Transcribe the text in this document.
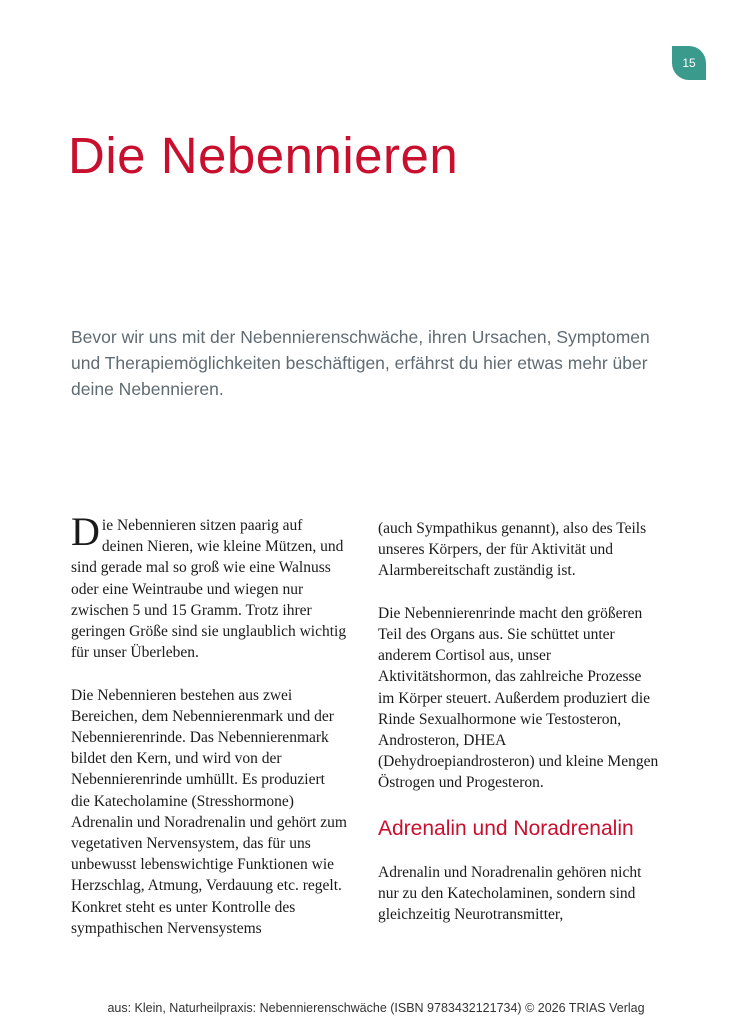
15
Die Nebennieren

Bevor wir uns mit der Nebennierenschwäche, ihren Ursachen, Symptomen und Therapiemöglichkeiten beschäftigen, erfährst du hier etwas mehr über deine Nebennieren.

Die Nebennieren sitzen paarig auf deinen Nieren, wie kleine Mützen, und sind gerade mal so groß wie eine Walnuss oder eine Weintraube und wiegen nur zwischen 5 und 15 Gramm. Trotz ihrer geringen Größe sind sie unglaublich wichtig für unser Überleben.

Die Nebennieren bestehen aus zwei Bereichen, dem Nebennierenmark und der Nebennierenrinde. Das Nebennierenmark bildet den Kern, und wird von der Nebennierenrinde umhüllt. Es produziert die Katecholamine (Stresshormone) Adrenalin und Noradrenalin und gehört zum vegetativen Nervensystem, das für uns unbewusst lebenswichtige Funktionen wie Herzschlag, Atmung, Verdauung etc. regelt. Konkret steht es unter Kontrolle des sympathischen Nervensystems

(auch Sympathikus genannt), also des Teils unseres Körpers, der für Aktivität und Alarmbereitschaft zuständig ist.

Die Nebennierenrinde macht den größeren Teil des Organs aus. Sie schüttet unter anderem Cortisol aus, unser Aktivitätshormon, das zahlreiche Prozesse im Körper steuert. Außerdem produziert die Rinde Sexualhormone wie Testosteron, Androsteron, DHEA (Dehydroepiandrosteron) und kleine Mengen Östrogen und Progesteron.

Adrenalin und Noradrenalin

Adrenalin und Noradrenalin gehören nicht nur zu den Katecholaminen, sondern sind gleichzeitig Neurotransmitter,

aus: Klein, Naturheilpraxis: Nebennierenschwäche (ISBN 9783432121734) © 2026 TRIAS Verlag
